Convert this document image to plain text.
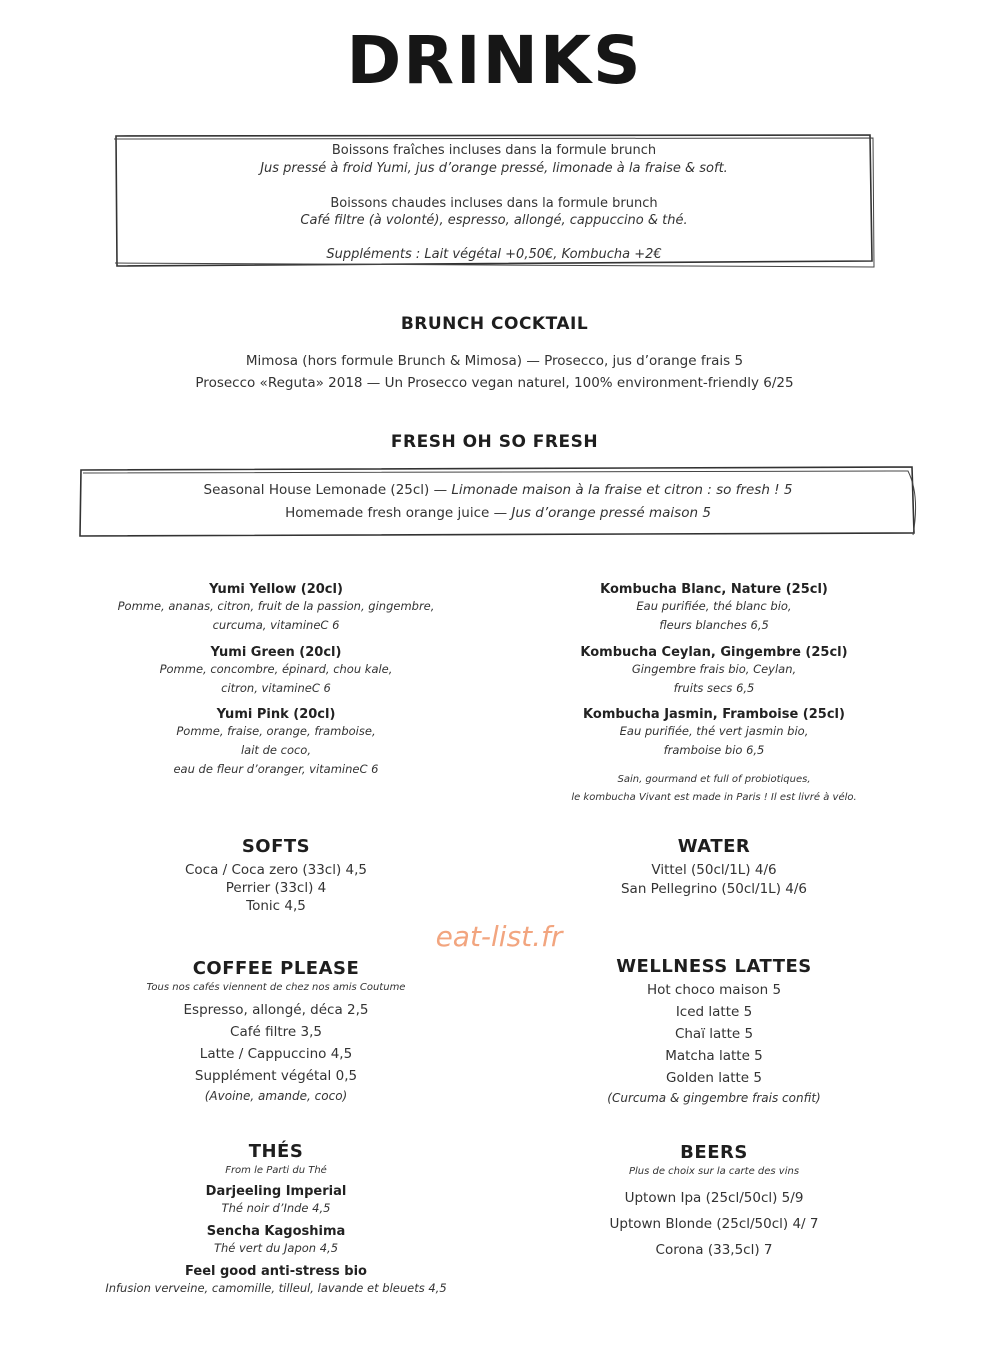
DRINKS
Boissons fraîches incluses dans la formule brunch
Jus pressé à froid Yumi, jus d’orange pressé, limonade à la fraise & soft.
Boissons chaudes incluses dans la formule brunch
Café filtre (à volonté), espresso, allongé, cappuccino & thé.
Suppléments : Lait végétal +0,50€, Kombucha +2€
BRUNCH COCKTAIL
Mimosa (hors formule Brunch & Mimosa) — Prosecco, jus d’orange frais 5
Prosecco «Reguta» 2018 — Un Prosecco vegan naturel, 100% environment-friendly 6/25
FRESH OH SO FRESH
Seasonal House Lemonade (25cl) — Limonade maison à la fraise et citron : so fresh ! 5
Homemade fresh orange juice — Jus d’orange pressé maison 5
Yumi Yellow (20cl)
Pomme, ananas, citron, fruit de la passion, gingembre,
curcuma, vitamineC 6
Yumi Green (20cl)
Pomme, concombre, épinard, chou kale,
citron, vitamineC 6
Yumi Pink (20cl)
Pomme, fraise, orange, framboise,
lait de coco,
eau de fleur d’oranger, vitamineC 6
Kombucha Blanc, Nature (25cl)
Eau purifiée, thé blanc bio,
fleurs blanches 6,5
Kombucha Ceylan, Gingembre (25cl)
Gingembre frais bio, Ceylan,
fruits secs 6,5
Kombucha Jasmin, Framboise (25cl)
Eau purifiée, thé vert jasmin bio,
framboise bio 6,5
Sain, gourmand et full of probiotiques,
le kombucha Vivant est made in Paris ! Il est livré à vélo.
SOFTS
Coca / Coca zero (33cl) 4,5
Perrier (33cl) 4
Tonic 4,5
WATER
Vittel (50cl/1L) 4/6
San Pellegrino (50cl/1L) 4/6
eat-list.fr
COFFEE PLEASE
Tous nos cafés viennent de chez nos amis Coutume
Espresso, allongé, déca 2,5
Café filtre 3,5
Latte / Cappuccino 4,5
Supplément végétal 0,5
(Avoine, amande, coco)
WELLNESS LATTES
Hot choco maison 5
Iced latte 5
Chaï latte 5
Matcha latte 5
Golden latte 5
(Curcuma & gingembre frais confit)
THÉS
From le Parti du Thé
Darjeeling Imperial
Thé noir d’Inde 4,5
Sencha Kagoshima
Thé vert du Japon 4,5
Feel good anti-stress bio
Infusion verveine, camomille, tilleul, lavande et bleuets 4,5
BEERS
Plus de choix sur la carte des vins
Uptown Ipa (25cl/50cl) 5/9
Uptown Blonde (25cl/50cl) 4/ 7
Corona (33,5cl) 7
